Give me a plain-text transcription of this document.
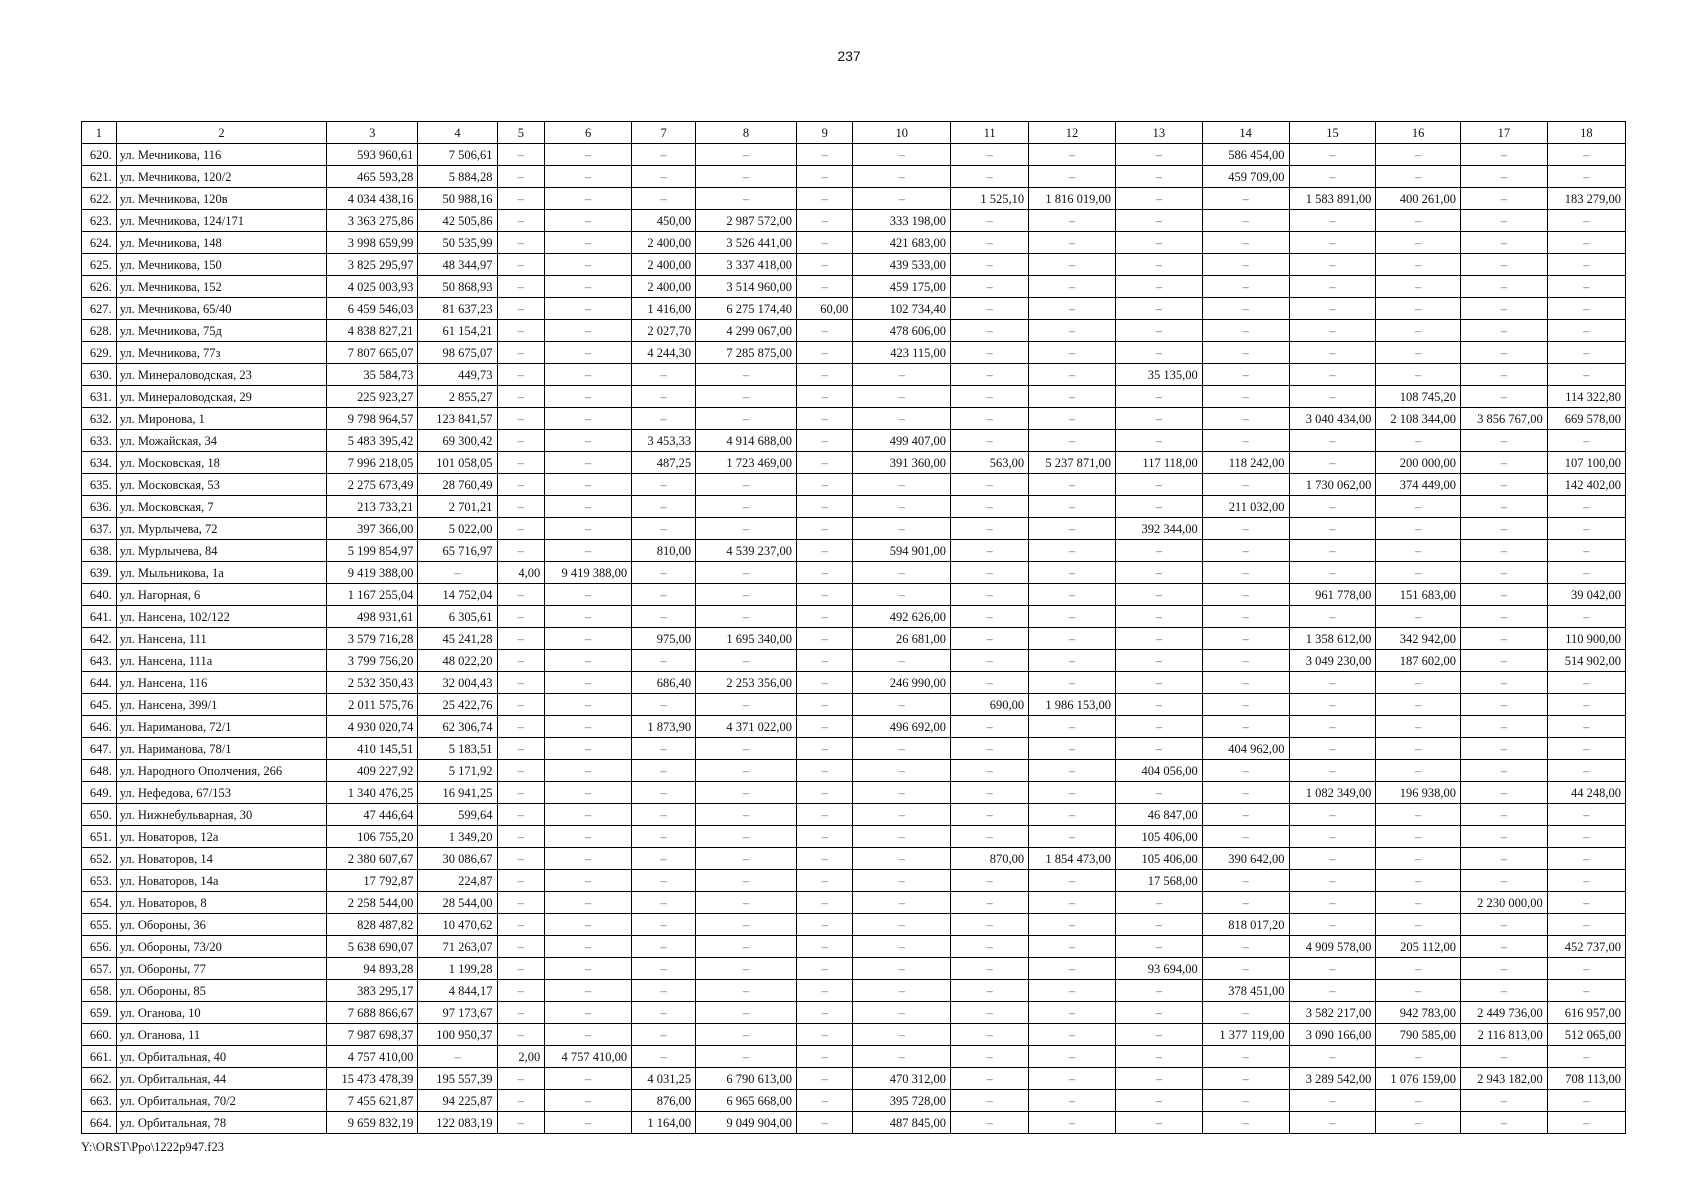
237
1	2	3	4	5	6	7	8	9	10	11	12	13	14	15	16	17	18
620.	ул. Мечникова, 116	593 960,61	7 506,61	–	–	–	–	–	–	–	–	–	586 454,00	–	–	–	–
621.	ул. Мечникова, 120/2	465 593,28	5 884,28	–	–	–	–	–	–	–	–	–	459 709,00	–	–	–	–
622.	ул. Мечникова, 120в	4 034 438,16	50 988,16	–	–	–	–	–	–	1 525,10	1 816 019,00	–	–	1 583 891,00	400 261,00	–	183 279,00
623.	ул. Мечникова, 124/171	3 363 275,86	42 505,86	–	–	450,00	2 987 572,00	–	333 198,00	–	–	–	–	–	–	–	–
624.	ул. Мечникова, 148	3 998 659,99	50 535,99	–	–	2 400,00	3 526 441,00	–	421 683,00	–	–	–	–	–	–	–	–
625.	ул. Мечникова, 150	3 825 295,97	48 344,97	–	–	2 400,00	3 337 418,00	–	439 533,00	–	–	–	–	–	–	–	–
626.	ул. Мечникова, 152	4 025 003,93	50 868,93	–	–	2 400,00	3 514 960,00	–	459 175,00	–	–	–	–	–	–	–	–
627.	ул. Мечникова, 65/40	6 459 546,03	81 637,23	–	–	1 416,00	6 275 174,40	60,00	102 734,40	–	–	–	–	–	–	–	–
628.	ул. Мечникова, 75д	4 838 827,21	61 154,21	–	–	2 027,70	4 299 067,00	–	478 606,00	–	–	–	–	–	–	–	–
629.	ул. Мечникова, 77з	7 807 665,07	98 675,07	–	–	4 244,30	7 285 875,00	–	423 115,00	–	–	–	–	–	–	–	–
630.	ул. Минераловодская, 23	35 584,73	449,73	–	–	–	–	–	–	–	–	35 135,00	–	–	–	–	–
631.	ул. Минераловодская, 29	225 923,27	2 855,27	–	–	–	–	–	–	–	–	–	–	–	108 745,20	–	114 322,80
632.	ул. Миронова, 1	9 798 964,57	123 841,57	–	–	–	–	–	–	–	–	–	–	3 040 434,00	2 108 344,00	3 856 767,00	669 578,00
633.	ул. Можайская, 34	5 483 395,42	69 300,42	–	–	3 453,33	4 914 688,00	–	499 407,00	–	–	–	–	–	–	–	–
634.	ул. Московская, 18	7 996 218,05	101 058,05	–	–	487,25	1 723 469,00	–	391 360,00	563,00	5 237 871,00	117 118,00	118 242,00	–	200 000,00	–	107 100,00
635.	ул. Московская, 53	2 275 673,49	28 760,49	–	–	–	–	–	–	–	–	–	–	1 730 062,00	374 449,00	–	142 402,00
636.	ул. Московская, 7	213 733,21	2 701,21	–	–	–	–	–	–	–	–	–	211 032,00	–	–	–	–
637.	ул. Мурлычева, 72	397 366,00	5 022,00	–	–	–	–	–	–	–	–	392 344,00	–	–	–	–	–
638.	ул. Мурлычева, 84	5 199 854,97	65 716,97	–	–	810,00	4 539 237,00	–	594 901,00	–	–	–	–	–	–	–	–
639.	ул. Мыльникова, 1а	9 419 388,00	–	4,00	9 419 388,00	–	–	–	–	–	–	–	–	–	–	–	–
640.	ул. Нагорная, 6	1 167 255,04	14 752,04	–	–	–	–	–	–	–	–	–	–	961 778,00	151 683,00	–	39 042,00
641.	ул. Нансена, 102/122	498 931,61	6 305,61	–	–	–	–	–	492 626,00	–	–	–	–	–	–	–	–
642.	ул. Нансена, 111	3 579 716,28	45 241,28	–	–	975,00	1 695 340,00	–	26 681,00	–	–	–	–	1 358 612,00	342 942,00	–	110 900,00
643.	ул. Нансена, 111а	3 799 756,20	48 022,20	–	–	–	–	–	–	–	–	–	–	3 049 230,00	187 602,00	–	514 902,00
644.	ул. Нансена, 116	2 532 350,43	32 004,43	–	–	686,40	2 253 356,00	–	246 990,00	–	–	–	–	–	–	–	–
645.	ул. Нансена, 399/1	2 011 575,76	25 422,76	–	–	–	–	–	–	690,00	1 986 153,00	–	–	–	–	–	–
646.	ул. Нариманова, 72/1	4 930 020,74	62 306,74	–	–	1 873,90	4 371 022,00	–	496 692,00	–	–	–	–	–	–	–	–
647.	ул. Нариманова, 78/1	410 145,51	5 183,51	–	–	–	–	–	–	–	–	–	404 962,00	–	–	–	–
648.	ул. Народного Ополчения, 266	409 227,92	5 171,92	–	–	–	–	–	–	–	–	404 056,00	–	–	–	–	–
649.	ул. Нефедова, 67/153	1 340 476,25	16 941,25	–	–	–	–	–	–	–	–	–	–	1 082 349,00	196 938,00	–	44 248,00
650.	ул. Нижнебульварная, 30	47 446,64	599,64	–	–	–	–	–	–	–	–	46 847,00	–	–	–	–	–
651.	ул. Новаторов, 12а	106 755,20	1 349,20	–	–	–	–	–	–	–	–	105 406,00	–	–	–	–	–
652.	ул. Новаторов, 14	2 380 607,67	30 086,67	–	–	–	–	–	–	870,00	1 854 473,00	105 406,00	390 642,00	–	–	–	–
653.	ул. Новаторов, 14а	17 792,87	224,87	–	–	–	–	–	–	–	–	17 568,00	–	–	–	–	–
654.	ул. Новаторов, 8	2 258 544,00	28 544,00	–	–	–	–	–	–	–	–	–	–	–	–	2 230 000,00	–
655.	ул. Обороны, 36	828 487,82	10 470,62	–	–	–	–	–	–	–	–	–	818 017,20	–	–	–	–
656.	ул. Обороны, 73/20	5 638 690,07	71 263,07	–	–	–	–	–	–	–	–	–	–	4 909 578,00	205 112,00	–	452 737,00
657.	ул. Обороны, 77	94 893,28	1 199,28	–	–	–	–	–	–	–	–	93 694,00	–	–	–	–	–
658.	ул. Обороны, 85	383 295,17	4 844,17	–	–	–	–	–	–	–	–	–	378 451,00	–	–	–	–
659.	ул. Оганова, 10	7 688 866,67	97 173,67	–	–	–	–	–	–	–	–	–	–	3 582 217,00	942 783,00	2 449 736,00	616 957,00
660.	ул. Оганова, 11	7 987 698,37	100 950,37	–	–	–	–	–	–	–	–	–	1 377 119,00	3 090 166,00	790 585,00	2 116 813,00	512 065,00
661.	ул. Орбитальная, 40	4 757 410,00	–	2,00	4 757 410,00	–	–	–	–	–	–	–	–	–	–	–	–
662.	ул. Орбитальная, 44	15 473 478,39	195 557,39	–	–	4 031,25	6 790 613,00	–	470 312,00	–	–	–	–	3 289 542,00	1 076 159,00	2 943 182,00	708 113,00
663.	ул. Орбитальная, 70/2	7 455 621,87	94 225,87	–	–	876,00	6 965 668,00	–	395 728,00	–	–	–	–	–	–	–	–
664.	ул. Орбитальная, 78	9 659 832,19	122 083,19	–	–	1 164,00	9 049 904,00	–	487 845,00	–	–	–	–	–	–	–	–
Y:\ORST\Ppo\1222p947.f23
